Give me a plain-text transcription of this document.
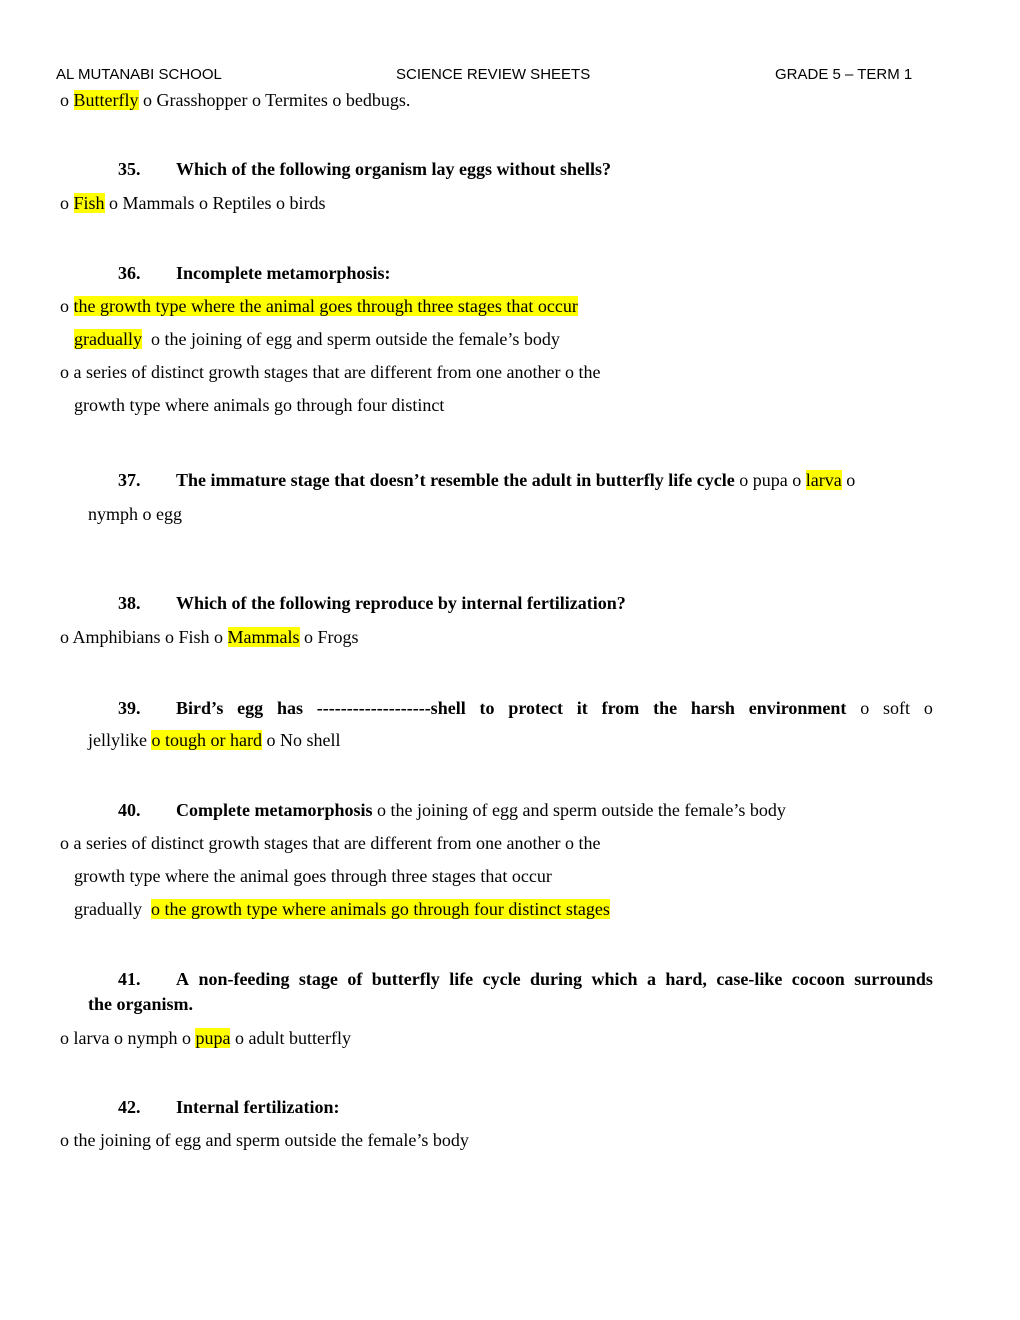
AL MUTANABI SCHOOL	SCIENCE REVIEW SHEETS	GRADE 5 – TERM 1
o Butterfly o Grasshopper o Termites o bedbugs.
35. Which of the following organism lay eggs without shells?
o Fish o Mammals o Reptiles o birds
36. Incomplete metamorphosis:
o the growth type where the animal goes through three stages that occur
gradually o the joining of egg and sperm outside the female’s body
o a series of distinct growth stages that are different from one another o the
growth type where animals go through four distinct
37. The immature stage that doesn’t resemble the adult in butterfly life cycle o pupa o larva o
nymph o egg
38. Which of the following reproduce by internal fertilization?
o Amphibians o Fish o Mammals o Frogs
39. Bird’s egg has -------------------shell to protect it from the harsh environment o soft o
jellylike o tough or hard o No shell
40. Complete metamorphosis o the joining of egg and sperm outside the female’s body
o a series of distinct growth stages that are different from one another o the
growth type where the animal goes through three stages that occur
gradually o the growth type where animals go through four distinct stages
41. A non-feeding stage of butterfly life cycle during which a hard, case-like cocoon surrounds
the organism.
o larva o nymph o pupa o adult butterfly
42. Internal fertilization:
o the joining of egg and sperm outside the female’s body
